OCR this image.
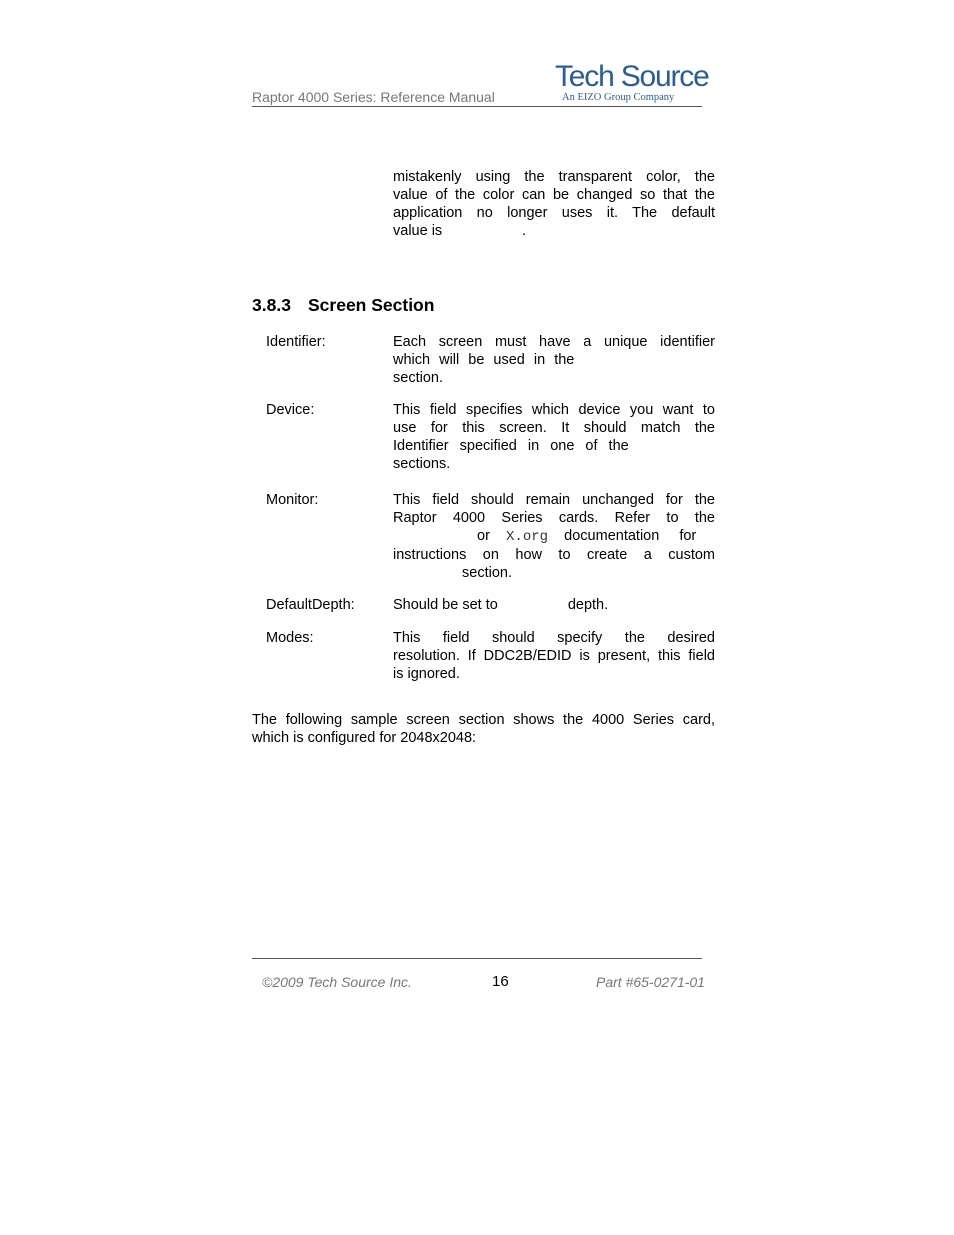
Raptor 4000 Series: Reference Manual
Tech Source
An EIZO Group Company
mistakenly using the transparent color, the
value of the color can be changed so that the
application no longer uses it. The default
value is	.
3.8.3 Screen Section
Identifier:	Each screen must have a unique identifier
which will be used in the
section.
Device:	This field specifies which device you want to
use for this screen. It should match the
Identifier specified in one of the
sections.
Monitor:	This field should remain unchanged for the
Raptor 4000 Series cards. Refer to the
or X.org documentation for
instructions on how to create a custom
section.
DefaultDepth:	Should be set to	depth.
Modes:	This field should specify the desired
resolution. If DDC2B/EDID is present, this field
is ignored.
The following sample screen section shows the 4000 Series card,
which is configured for 2048x2048:
©2009 Tech Source Inc.	16	Part #65-0271-01
